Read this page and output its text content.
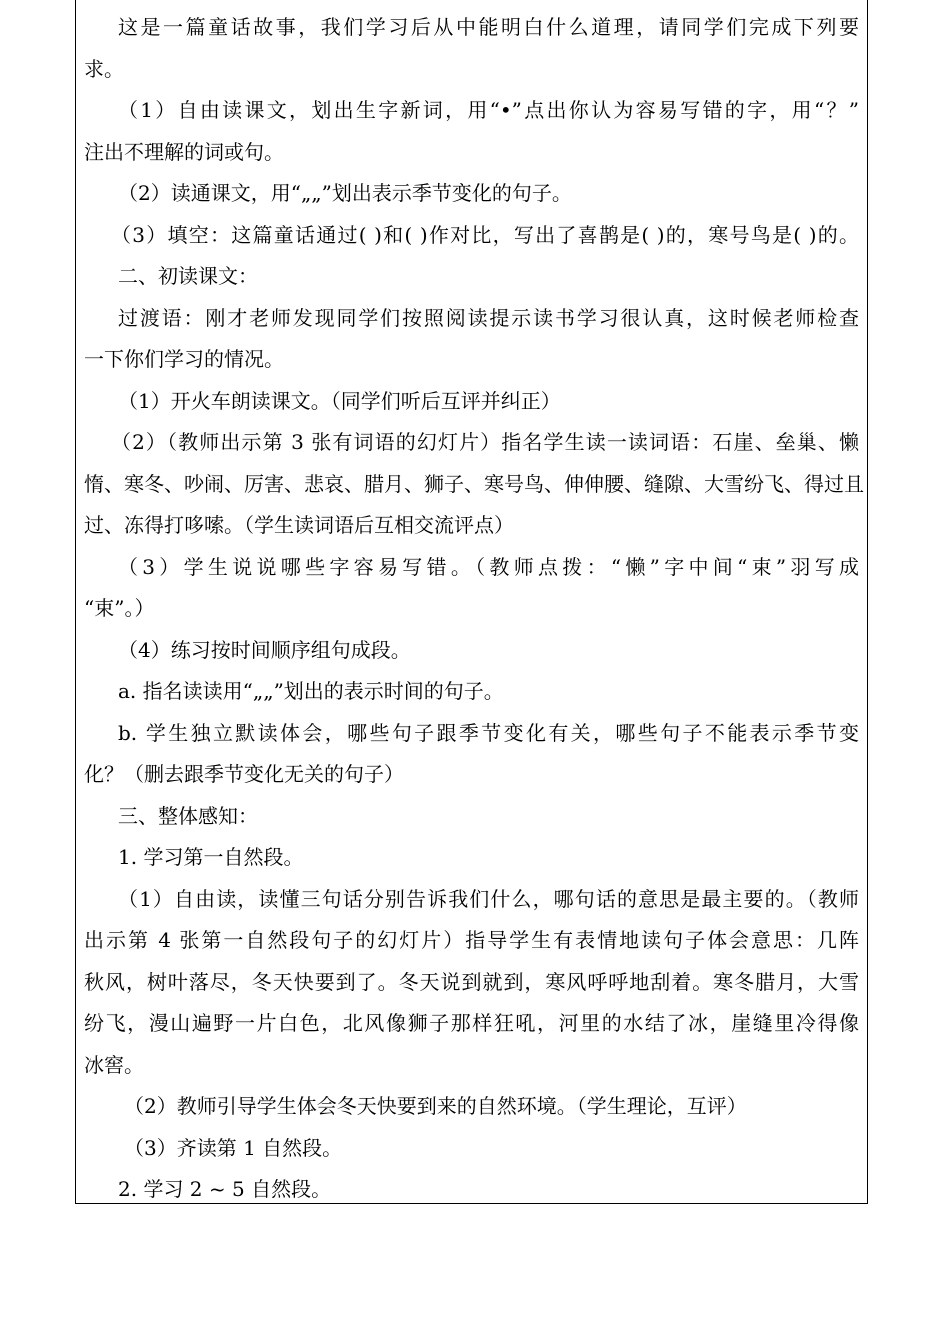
这是一篇童话故事，我们学习后从中能明白什么道理，请同学们完成下列要
求。
（1）自由读课文，划出生字新词，用“•”点出你认为容易写错的字，用“？”
注出不理解的词或句。
（2）读通课文，用“„„”划出表示季节变化的句子。
（3）填空：这篇童话通过( )和( )作对比，写出了喜鹊是( )的，寒号鸟是( )的。
二、初读课文：
过渡语：刚才老师发现同学们按照阅读提示读书学习很认真，这时候老师检查
一下你们学习的情况。
（1）开火车朗读课文。（同学们听后互评并纠正）
（2）（教师出示第 3 张有词语的幻灯片）指名学生读一读词语：石崖、垒巢、懒
惰、寒冬、吵闹、厉害、悲哀、腊月、狮子、寒号鸟、伸伸腰、缝隙、大雪纷飞、得过且
过、冻得打哆嗦。（学生读词语后互相交流评点）
（3）学生说说哪些字容易写错。（教师点拨：“懒”字中间“束”羽写成
“束”。）
（4）练习按时间顺序组句成段。
a. 指名读读用“„„”划出的表示时间的句子。
b. 学生独立默读体会，哪些句子跟季节变化有关，哪些句子不能表示季节变
化？（删去跟季节变化无关的句子）
三、整体感知：
1. 学习第一自然段。
（1）自由读，读懂三句话分别告诉我们什么，哪句话的意思是最主要的。（教师
出示第 4 张第一自然段句子的幻灯片）指导学生有表情地读句子体会意思：几阵
秋风，树叶落尽，冬天快要到了。冬天说到就到，寒风呼呼地刮着。寒冬腊月，大雪
纷飞，漫山遍野一片白色，北风像狮子那样狂吼，河里的水结了冰，崖缝里冷得像
冰窖。
（2）教师引导学生体会冬天快要到来的自然环境。（学生理论，互评）
（3）齐读第 1 自然段。
2. 学习 2 ~ 5 自然段。
